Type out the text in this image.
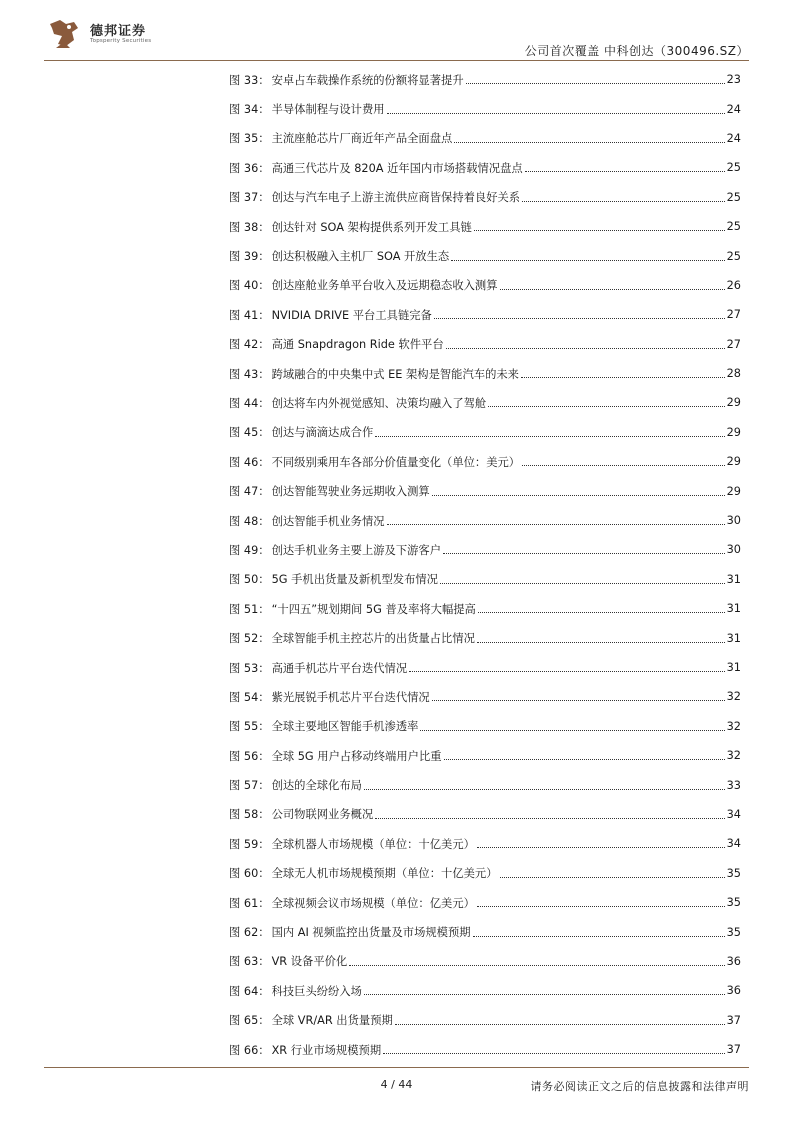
德邦证券
Topsperity Securities
公司首次覆盖 中科创达（300496.SZ）
图 33： 安卓占车载操作系统的份额将显著提升	23
图 34： 半导体制程与设计费用	24
图 35： 主流座舱芯片厂商近年产品全面盘点	24
图 36： 高通三代芯片及 820A 近年国内市场搭载情况盘点	25
图 37： 创达与汽车电子上游主流供应商皆保持着良好关系	25
图 38： 创达针对 SOA 架构提供系列开发工具链	25
图 39： 创达积极融入主机厂 SOA 开放生态	25
图 40： 创达座舱业务单平台收入及远期稳态收入测算	26
图 41： NVIDIA DRIVE 平台工具链完备	27
图 42： 高通 Snapdragon Ride 软件平台	27
图 43： 跨域融合的中央集中式 EE 架构是智能汽车的未来	28
图 44： 创达将车内外视觉感知、决策均融入了驾舱	29
图 45： 创达与滴滴达成合作	29
图 46： 不同级别乘用车各部分价值量变化（单位：美元）	29
图 47： 创达智能驾驶业务远期收入测算	29
图 48： 创达智能手机业务情况	30
图 49： 创达手机业务主要上游及下游客户	30
图 50： 5G 手机出货量及新机型发布情况	31
图 51： “十四五”规划期间 5G 普及率将大幅提高	31
图 52： 全球智能手机主控芯片的出货量占比情况	31
图 53： 高通手机芯片平台迭代情况	31
图 54： 紫光展锐手机芯片平台迭代情况	32
图 55： 全球主要地区智能手机渗透率	32
图 56： 全球 5G 用户占移动终端用户比重	32
图 57： 创达的全球化布局	33
图 58： 公司物联网业务概况	34
图 59： 全球机器人市场规模（单位：十亿美元）	34
图 60： 全球无人机市场规模预期（单位：十亿美元）	35
图 61： 全球视频会议市场规模（单位：亿美元）	35
图 62： 国内 AI 视频监控出货量及市场规模预期	35
图 63： VR 设备平价化	36
图 64： 科技巨头纷纷入场	36
图 65： 全球 VR/AR 出货量预期	37
图 66： XR 行业市场规模预期	37
4 / 44	请务必阅读正文之后的信息披露和法律声明
